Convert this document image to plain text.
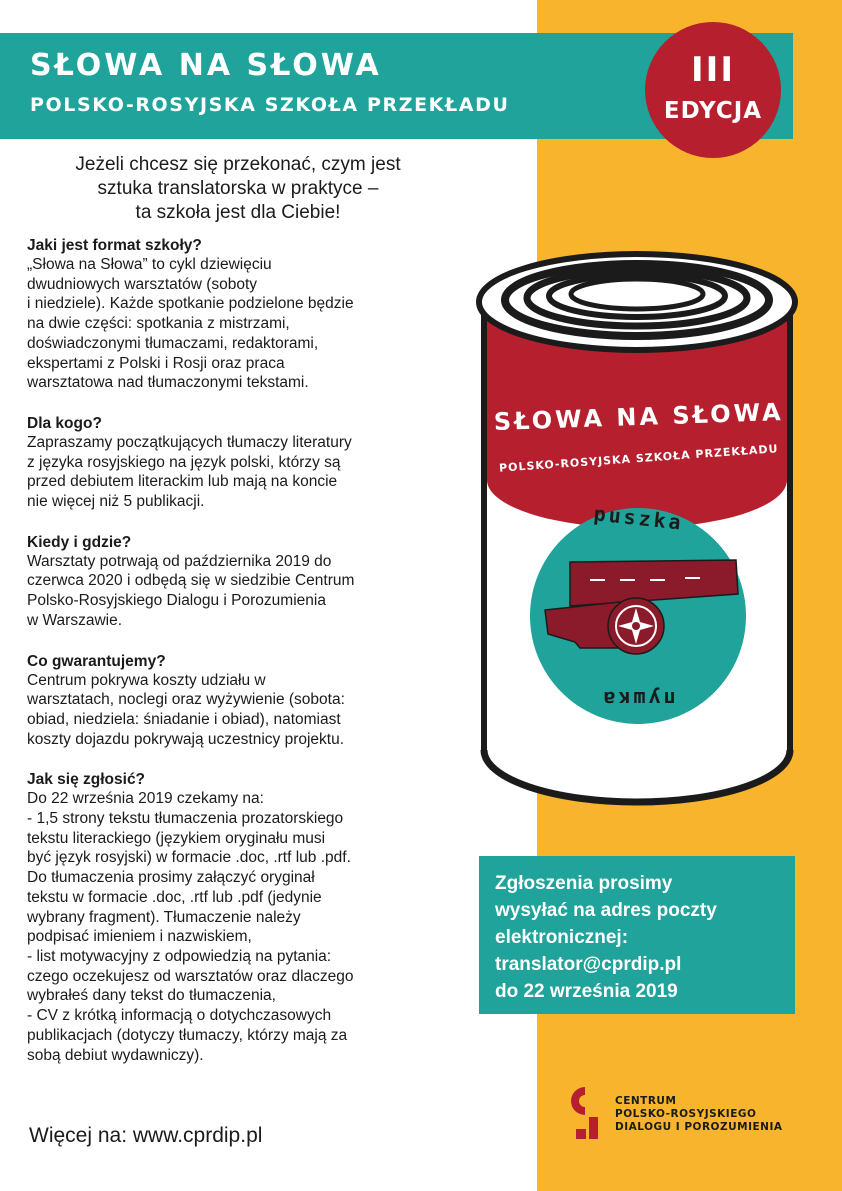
SŁOWA NA SŁOWA
POLSKO-ROSYJSKA SZKOŁA PRZEKŁADU
III
EDYCJA

Jeżeli chcesz się przekonać, czym jest
sztuka translatorska w praktyce –
ta szkoła jest dla Ciebie!

Jaki jest format szkoły?
„Słowa na Słowa” to cykl dziewięciu
dwudniowych warsztatów (soboty
i niedziele). Każde spotkanie podzielone będzie
na dwie części: spotkania z mistrzami,
doświadczonymi tłumaczami, redaktorami,
ekspertami z Polski i Rosji oraz praca
warsztatowa nad tłumaczonymi tekstami.
Dla kogo?
Zapraszamy początkujących tłumaczy literatury
z języka rosyjskiego na język polski, którzy są
przed debiutem literackim lub mają na koncie
nie więcej niż 5 publikacji.
Kiedy i gdzie?
Warsztaty potrwają od października 2019 do
czerwca 2020 i odbędą się w siedzibie Centrum
Polsko-Rosyjskiego Dialogu i Porozumienia
w Warszawie.
Co gwarantujemy?
Centrum pokrywa koszty udziału w
warsztatach, noclegi oraz wyżywienie (sobota:
obiad, niedziela: śniadanie i obiad), natomiast
koszty dojazdu pokrywają uczestnicy projektu.
Jak się zgłosić?
Do 22 września 2019 czekamy na:
- 1,5 strony tekstu tłumaczenia prozatorskiego
tekstu literackiego (językiem oryginału musi
być język rosyjski) w formacie .doc, .rtf lub .pdf.
Do tłumaczenia prosimy załączyć oryginał
tekstu w formacie .doc, .rtf lub .pdf (jedynie
wybrany fragment). Tłumaczenie należy
podpisać imieniem i nazwiskiem,
- list motywacyjny z odpowiedzią na pytania:
czego oczekujesz od warsztatów oraz dlaczego
wybrałeś dany tekst do tłumaczenia,
- CV z krótką informacją o dotychczasowych
publikacjach (dotyczy tłumaczy, którzy mają za
sobą debiut wydawniczy).

Więcej na: www.cprdip.pl

SŁOWA NA SŁOWA
POLSKO-ROSYJSKA SZKOŁA PRZEKŁADU
puszka
пушка
Zgłoszenia prosimy
wysyłać na adres poczty
elektronicznej:
translator@cprdip.pl
do 22 września 2019
CENTRUM
POLSKO-ROSYJSKIEGO
DIALOGU I POROZUMIENIA
